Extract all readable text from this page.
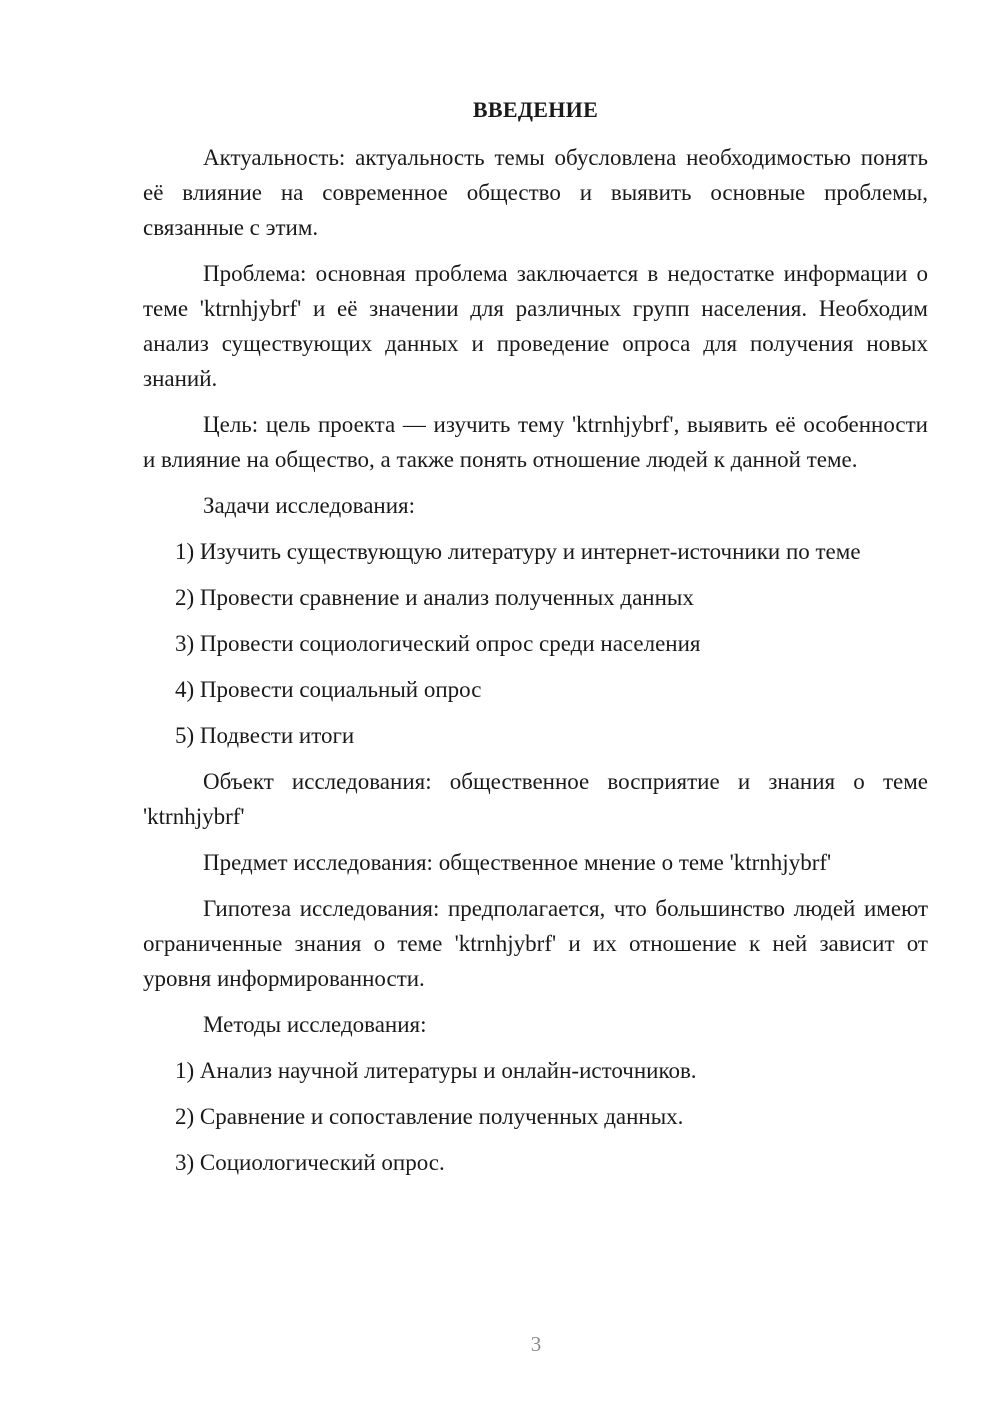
ВВЕДЕНИЕ

Актуальность: актуальность темы обусловлена необходимостью понять её влияние на современное общество и выявить основные проблемы, связанные с этим.

Проблема: основная проблема заключается в недостатке информации о теме 'ktrnhjybrf' и её значении для различных групп населения. Необходим анализ существующих данных и проведение опроса для получения новых знаний.

Цель: цель проекта — изучить тему 'ktrnhjybrf', выявить её особенности и влияние на общество, а также понять отношение людей к данной теме.

Задачи исследования:

1) Изучить существующую литературу и интернет-источники по теме

2) Провести сравнение и анализ полученных данных

3) Провести социологический опрос среди населения

4) Провести социальный опрос

5) Подвести итоги

Объект исследования: общественное восприятие и знания о теме 'ktrnhjybrf'

Предмет исследования: общественное мнение о теме 'ktrnhjybrf'

Гипотеза исследования: предполагается, что большинство людей имеют ограниченные знания о теме 'ktrnhjybrf' и их отношение к ней зависит от уровня информированности.

Методы исследования:

1) Анализ научной литературы и онлайн-источников.

2) Сравнение и сопоставление полученных данных.

3) Социологический опрос.

3
